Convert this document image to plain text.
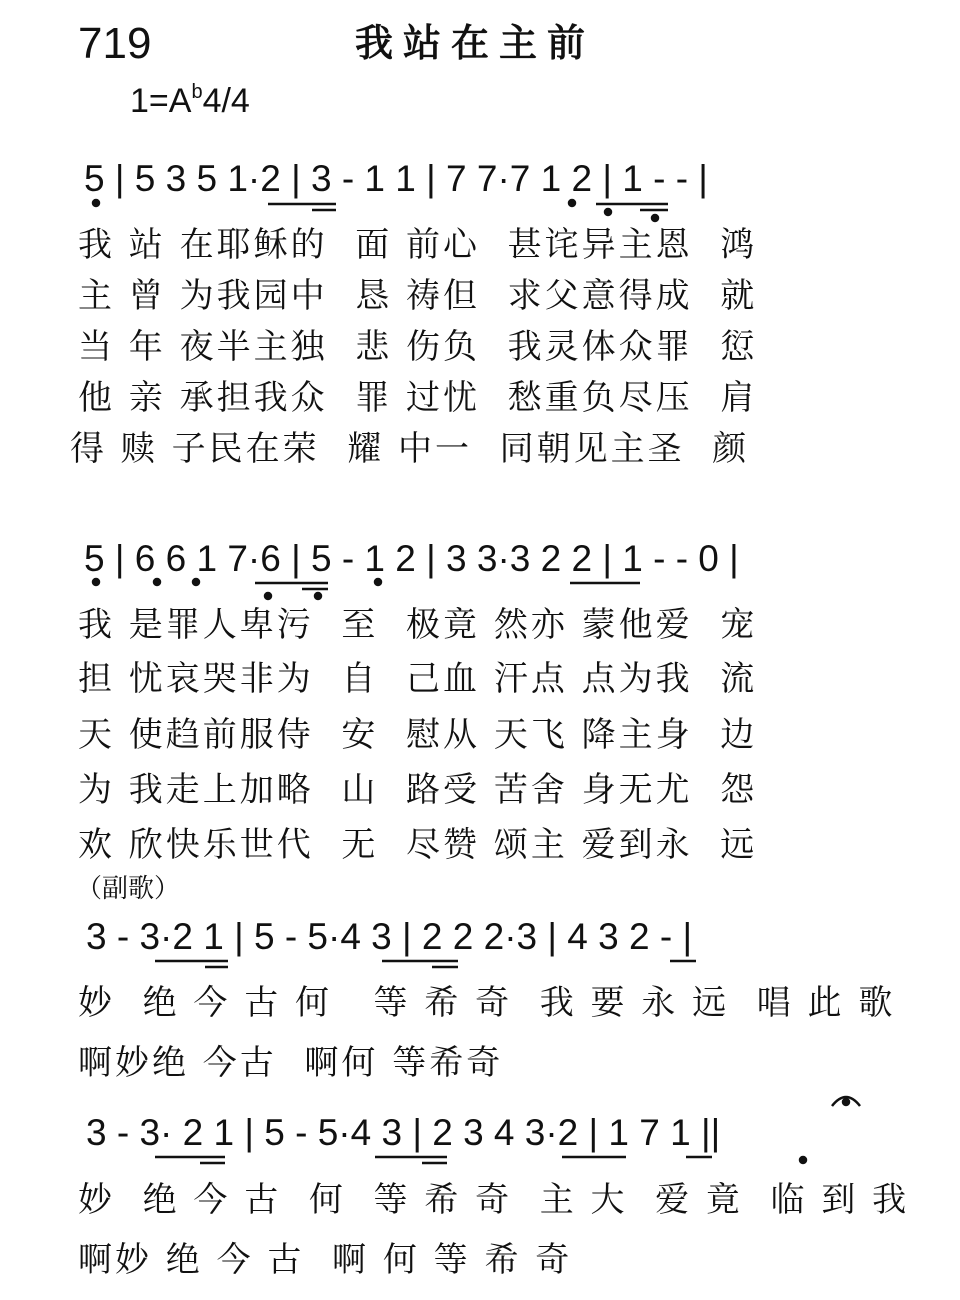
719	我站在主前
$1=A^b4/4$
5 | 5 3 5 1·2 | 3 - 1 1 | 7 7·7 1 2 | 1 - - |
我 站 在耶稣的  面 前心  甚诧异主恩  鸿
主 曾 为我园中  恳 祷但  求父意得成  就
当 年 夜半主独  悲 伤负  我灵体众罪  愆
他 亲 承担我众  罪 过忧  愁重负尽压  肩
得 赎 子民在荣  耀 中一  同朝见主圣  颜
5 | 6 6 1 7·6 | 5 - 1 2 | 3 3·3 2 2 | 1 - - 0 |
我 是罪人卑污  至  极竟 然亦 蒙他爱  宠
担 忧哀哭非为  自  己血 汗点 点为我  流
天 使趋前服侍  安  慰从 天飞 降主身  边
为 我走上加略  山  路受 苦舍 身无尤  怨
欢 欣快乐世代  无  尽赞 颂主 爱到永  远
（副歌）
3 - 3·2 1 | 5 - 5·4 3 | 2 2 2·3 | 4 3 2 - |
妙  绝 今 古 何   等 希 奇  我 要 永 远  唱 此 歌
啊妙绝 今古  啊何 等希奇
3 - 3· 2 1 | 5 - 5·4 3 | 2 3 4 3·2 | 1 7 1 ||
妙  绝 今 古  何  等 希 奇  主 大  爱 竟  临 到 我
啊妙 绝 今 古  啊 何 等 希 奇
